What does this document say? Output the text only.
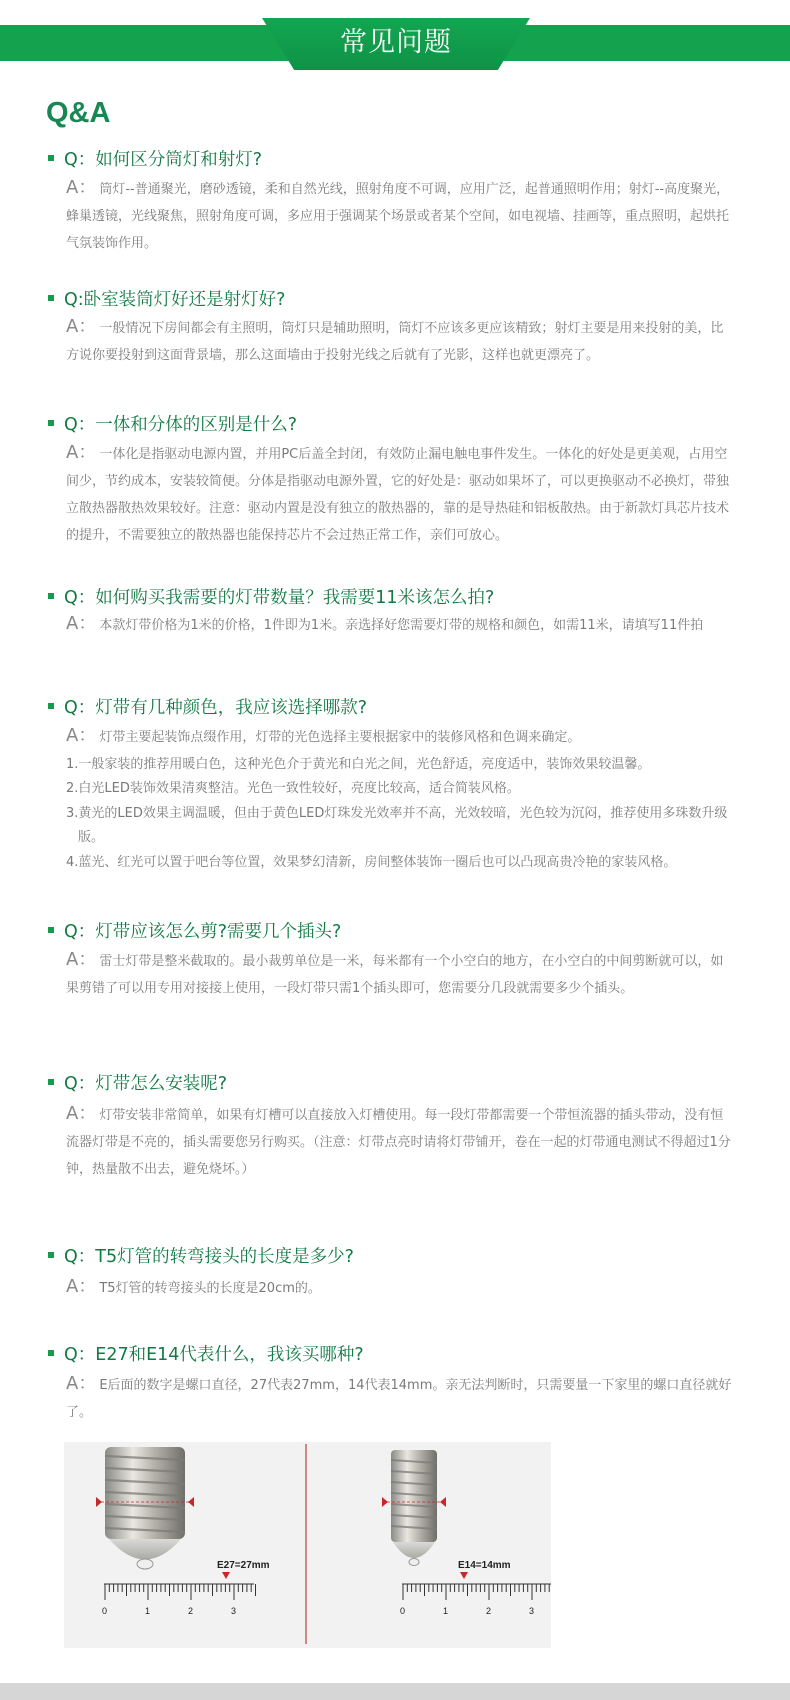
常见问题
Q&A
Q：如何区分筒灯和射灯?
A： 筒灯--普通聚光，磨砂透镜，柔和自然光线，照射角度不可调，应用广泛，起普通照明作用；射灯--高度聚光，蜂巢透镜，光线聚焦，照射角度可调，多应用于强调某个场景或者某个空间，如电视墙、挂画等，重点照明，起烘托气氛装饰作用。
Q:卧室装筒灯好还是射灯好?
A： 一般情况下房间都会有主照明，筒灯只是辅助照明，筒灯不应该多更应该精致；射灯主要是用来投射的美，比方说你要投射到这面背景墙，那么这面墙由于投射光线之后就有了光影，这样也就更漂亮了。
Q：一体和分体的区别是什么?
A： 一体化是指驱动电源内置，并用PC后盖全封闭，有效防止漏电触电事件发生。一体化的好处是更美观，占用空间少，节约成本，安装较简便。分体是指驱动电源外置，它的好处是：驱动如果坏了，可以更换驱动不必换灯，带独立散热器散热效果较好。注意：驱动内置是没有独立的散热器的，靠的是导热硅和铝板散热。由于新款灯具芯片技术的提升，不需要独立的散热器也能保持芯片不会过热正常工作，亲们可放心。
Q：如何购买我需要的灯带数量？我需要11米该怎么拍?
A： 本款灯带价格为1米的价格，1件即为1米。亲选择好您需要灯带的规格和颜色，如需11米，请填写11件拍
Q：灯带有几种颜色，我应该选择哪款?
A： 灯带主要起装饰点缀作用，灯带的光色选择主要根据家中的装修风格和色调来确定。
1.一般家装的推荐用暖白色，这种光色介于黄光和白光之间，光色舒适，亮度适中，装饰效果较温馨。
2.白光LED装饰效果清爽整洁。光色一致性较好，亮度比较高，适合简装风格。
3.黄光的LED效果主调温暖，但由于黄色LED灯珠发光效率并不高，光效较暗，光色较为沉闷，推荐使用多珠数升级版。
4.蓝光、红光可以置于吧台等位置，效果梦幻清新，房间整体装饰一圈后也可以凸现高贵冷艳的家装风格。
Q：灯带应该怎么剪?需要几个插头?
A： 雷士灯带是整米截取的。最小裁剪单位是一米，每米都有一个小空白的地方，在小空白的中间剪断就可以，如果剪错了可以用专用对接接上使用，一段灯带只需1个插头即可，您需要分几段就需要多少个插头。
Q：灯带怎么安装呢?
A： 灯带安装非常简单，如果有灯槽可以直接放入灯槽使用。每一段灯带都需要一个带恒流器的插头带动，没有恒流器灯带是不亮的，插头需要您另行购买。（注意：灯带点亮时请将灯带铺开，卷在一起的灯带通电测试不得超过1分钟，热量散不出去，避免烧坏。）
Q：T5灯管的转弯接头的长度是多少?
A： T5灯管的转弯接头的长度是20cm的。
Q：E27和E14代表什么，我该买哪种?
A： E后面的数字是螺口直径，27代表27mm，14代表14mm。亲无法判断时，只需要量一下家里的螺口直径就好了。
E27=27mm
0	1	2	3
E14=14mm
0	1	2	3
